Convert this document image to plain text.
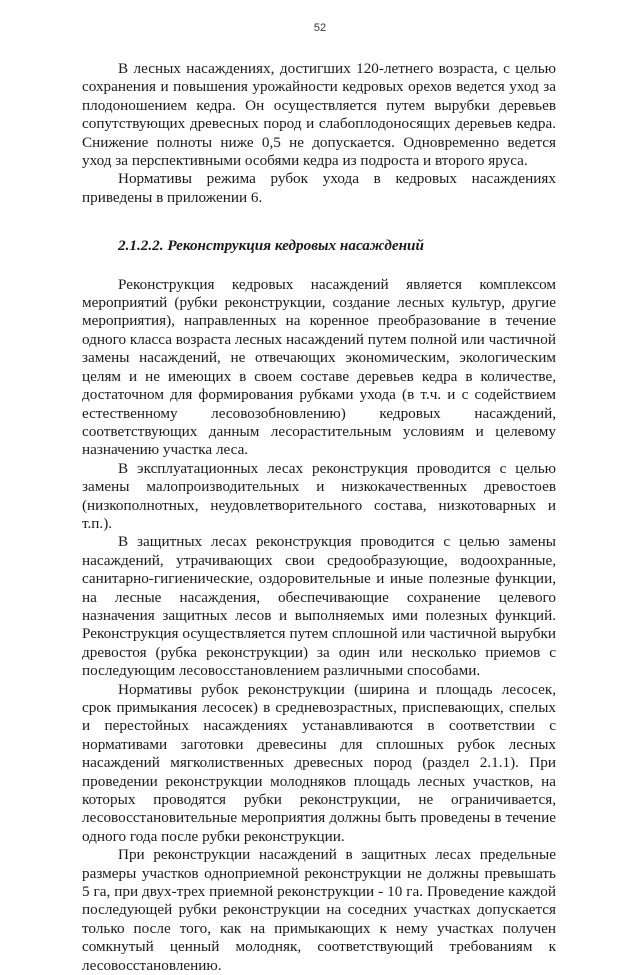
52

В лесных насаждениях, достигших 120-летнего возраста, с целью сохранения и повышения урожайности кедровых орехов ведется уход за плодоношением кедра. Он осуществляется путем вырубки деревьев сопутствующих древесных пород и слабоплодоносящих деревьев кедра. Снижение полноты ниже 0,5 не допускается. Одновременно ведется уход за перспективными особями кедра из подроста и второго яруса.

Нормативы режима рубок ухода в кедровых насаждениях приведены в приложении 6.

2.1.2.2. Реконструкция кедровых насаждений

Реконструкция кедровых насаждений является комплексом мероприятий (рубки реконструкции, создание лесных культур, другие мероприятия), направленных на коренное преобразование в течение одного класса возраста лесных насаждений путем полной или частичной замены насаждений, не отвечающих экономическим, экологическим целям и не имеющих в своем составе деревьев кедра в количестве, достаточном для формирования рубками ухода (в т.ч. и с содействием естественному лесовозобновлению) кедровых насаждений, соответствующих данным лесорастительным условиям и целевому назначению участка леса.

В эксплуатационных лесах реконструкция проводится с целью замены малопроизводительных и низкокачественных древостоев (низкополнотных, неудовлетворительного состава, низкотоварных и т.п.).

В защитных лесах реконструкция проводится с целью замены насаждений, утрачивающих свои средообразующие, водоохранные, санитарно-гигиенические, оздоровительные и иные полезные функции, на лесные насаждения, обеспечивающие сохранение целевого назначения защитных лесов и выполняемых ими полезных функций. Реконструкция осуществляется путем сплошной или частичной вырубки древостоя (рубка реконструкции) за один или несколько приемов с последующим лесовосстановлением различными способами.

Нормативы рубок реконструкции (ширина и площадь лесосек, срок примыкания лесосек) в средневозрастных, приспевающих, спелых и перестойных насаждениях устанавливаются в соответствии с нормативами заготовки древесины для сплошных рубок лесных насаждений мягколиственных древесных пород (раздел 2.1.1). При проведении реконструкции молодняков площадь лесных участков, на которых проводятся рубки реконструкции, не ограничивается, лесовосстановительные мероприятия должны быть проведены в течение одного года после рубки реконструкции.

При реконструкции насаждений в защитных лесах предельные размеры участков одноприемной реконструкции не должны превышать 5 га, при двух-трех приемной реконструкции - 10 га. Проведение каждой последующей рубки реконструкции на соседних участках допускается только после того, как на примыкающих к нему участках получен сомкнутый ценный молодняк, соответствующий требованиям к лесовосстановлению.
